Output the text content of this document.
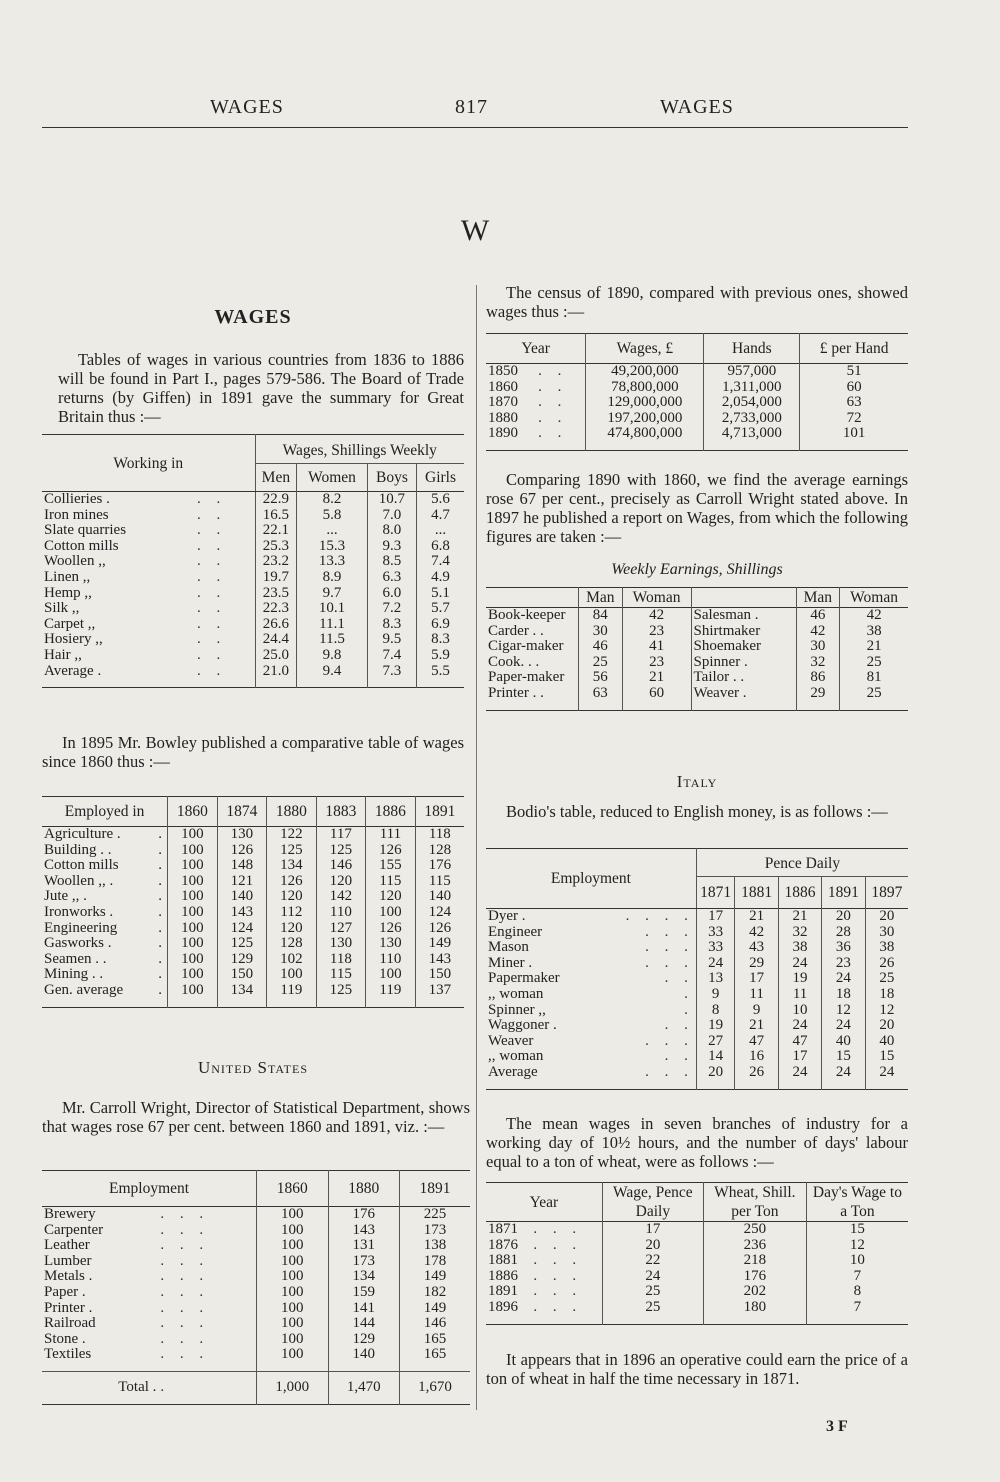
WAGES	817	WAGES
W
WAGES

Tables of wages in various countries from 1836 to 1886 will be found in Part I., pages 579-586. The Board of Trade returns (by Giffen) in 1891 gave the summary for Great Britain thus :—

Working in		Wages, Shillings Weekly			
		Men	Women	Boys	Girls
Collieries .	. .	22.9	8.2	10.7	5.6
Iron mines	. .	16.5	5.8	7.0	4.7
Slate quarries	. .	22.1	...	8.0	...
Cotton mills	. .	25.3	15.3	9.3	6.8
Woollen ,,	. .	23.2	13.3	8.5	7.4
Linen ,,	. .	19.7	8.9	6.3	4.9
Hemp ,,	. .	23.5	9.7	6.0	5.1
Silk ,,	. .	22.3	10.1	7.2	5.7
Carpet ,,	. .	26.6	11.1	8.3	6.9
Hosiery ,,	. .	24.4	11.5	9.5	8.3
Hair ,,	. .	25.0	9.8	7.4	5.9
Average .	. .	21.0	9.4	7.3	5.5

In 1895 Mr. Bowley published a comparative table of wages since 1860 thus :—

Employed in		1860	1874	1880	1883	1886	1891
Agriculture .	.	100	130	122	117	111	118
Building . .	.	100	126	125	125	126	128
Cotton mills	.	100	148	134	146	155	176
Woollen ,, .	.	100	121	126	120	115	115
Jute ,, .	.	100	140	120	142	120	140
Ironworks .	.	100	143	112	110	100	124
Engineering	.	100	124	120	127	126	126
Gasworks .	.	100	125	128	130	130	149
Seamen . .	.	100	129	102	118	110	143
Mining . .	.	100	150	100	115	100	150
Gen. average	.	100	134	119	125	119	137
United States

Mr. Carroll Wright, Director of Statistical Department, shows that wages rose 67 per cent. between 1860 and 1891, viz. :—

Employment		1860	1880	1891
Brewery	. . .	100	176	225
Carpenter	. . .	100	143	173
Leather	. . .	100	131	138
Lumber	. . .	100	173	178
Metals .	. . .	100	134	149
Paper .	. . .	100	159	182
Printer .	. . .	100	141	149
Railroad	. . .	100	144	146
Stone .	. . .	100	129	165
Textiles	. . .	100	140	165
Total .	.	1,000	1,470	1,670

The census of 1890, compared with previous ones, showed wages thus :—

Year		Wages, £	Hands	£ per Hand
1850	. .	49,200,000	957,000	51
1860	. .	78,800,000	1,311,000	60
1870	. .	129,000,000	2,054,000	63
1880	. .	197,200,000	2,733,000	72
1890	. .	474,800,000	4,713,000	101

Comparing 1890 with 1860, we find the average earnings rose 67 per cent., precisely as Carroll Wright stated above. In 1897 he published a report on Wages, from which the following figures are taken :—

Weekly Earnings, Shillings
	Man	Woman		Man	Woman
Book-keeper	84	42	Salesman .	46	42
Carder . .	30	23	Shirtmaker	42	38
Cigar-maker	46	41	Shoemaker	30	21
Cook. . .	25	23	Spinner .	32	25
Paper-maker	56	21	Tailor . .	86	81
Printer . .	63	60	Weaver .	29	25
Italy

Bodio's table, reduced to English money, is as follows :—

Employment		Pence Daily				
		1871	1881	1886	1891	1897
Dyer .	. . . .	17	21	21	20	20
Engineer	. . .	33	42	32	28	30
Mason	. . .	33	43	38	36	38
Miner .	. . .	24	29	24	23	26
Papermaker	. .	13	17	19	24	25
,, woman	.	9	11	11	18	18
Spinner ,,	.	8	9	10	12	12
Waggoner .	. .	19	21	24	24	20
Weaver	. . .	27	47	47	40	40
,, woman	. .	14	16	17	15	15
Average	. . .	20	26	24	24	24

The mean wages in seven branches of industry for a working day of 10½ hours, and the number of days' labour equal to a ton of wheat, were as follows :—

Year		Wage, Pence Daily	Wheat, Shill. per Ton	Day's Wage to a Ton
1871	. . .	17	250	15
1876	. . .	20	236	12
1881	. . .	22	218	10
1886	. . .	24	176	7
1891	. . .	25	202	8
1896	. . .	25	180	7

It appears that in 1896 an operative could earn the price of a ton of wheat in half the time necessary in 1871.

3 F
